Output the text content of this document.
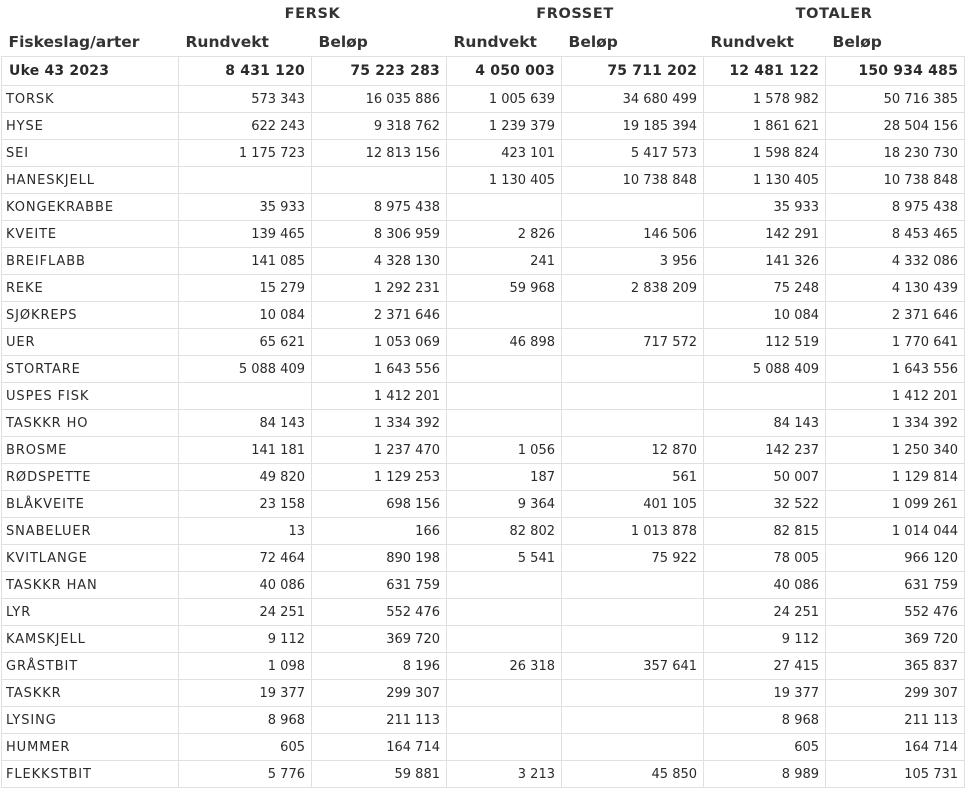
	FERSK		FROSSET		TOTALER	
Fiskeslag/arter	Rundvekt	Beløp	Rundvekt	Beløp	Rundvekt	Beløp
Uke 43 2023	8 431 120	75 223 283	4 050 003	75 711 202	12 481 122	150 934 485
TORSK	573 343	16 035 886	1 005 639	34 680 499	1 578 982	50 716 385
HYSE	622 243	9 318 762	1 239 379	19 185 394	1 861 621	28 504 156
SEI	1 175 723	12 813 156	423 101	5 417 573	1 598 824	18 230 730
HANESKJELL			1 130 405	10 738 848	1 130 405	10 738 848
KONGEKRABBE	35 933	8 975 438			35 933	8 975 438
KVEITE	139 465	8 306 959	2 826	146 506	142 291	8 453 465
BREIFLABB	141 085	4 328 130	241	3 956	141 326	4 332 086
REKE	15 279	1 292 231	59 968	2 838 209	75 248	4 130 439
SJØKREPS	10 084	2 371 646			10 084	2 371 646
UER	65 621	1 053 069	46 898	717 572	112 519	1 770 641
STORTARE	5 088 409	1 643 556			5 088 409	1 643 556
USPES FISK		1 412 201				1 412 201
TASKKR HO	84 143	1 334 392			84 143	1 334 392
BROSME	141 181	1 237 470	1 056	12 870	142 237	1 250 340
RØDSPETTE	49 820	1 129 253	187	561	50 007	1 129 814
BLÅKVEITE	23 158	698 156	9 364	401 105	32 522	1 099 261
SNABELUER	13	166	82 802	1 013 878	82 815	1 014 044
KVITLANGE	72 464	890 198	5 541	75 922	78 005	966 120
TASKKR HAN	40 086	631 759			40 086	631 759
LYR	24 251	552 476			24 251	552 476
KAMSKJELL	9 112	369 720			9 112	369 720
GRÅSTBIT	1 098	8 196	26 318	357 641	27 415	365 837
TASKKR	19 377	299 307			19 377	299 307
LYSING	8 968	211 113			8 968	211 113
HUMMER	605	164 714			605	164 714
FLEKKSTBIT	5 776	59 881	3 213	45 850	8 989	105 731
